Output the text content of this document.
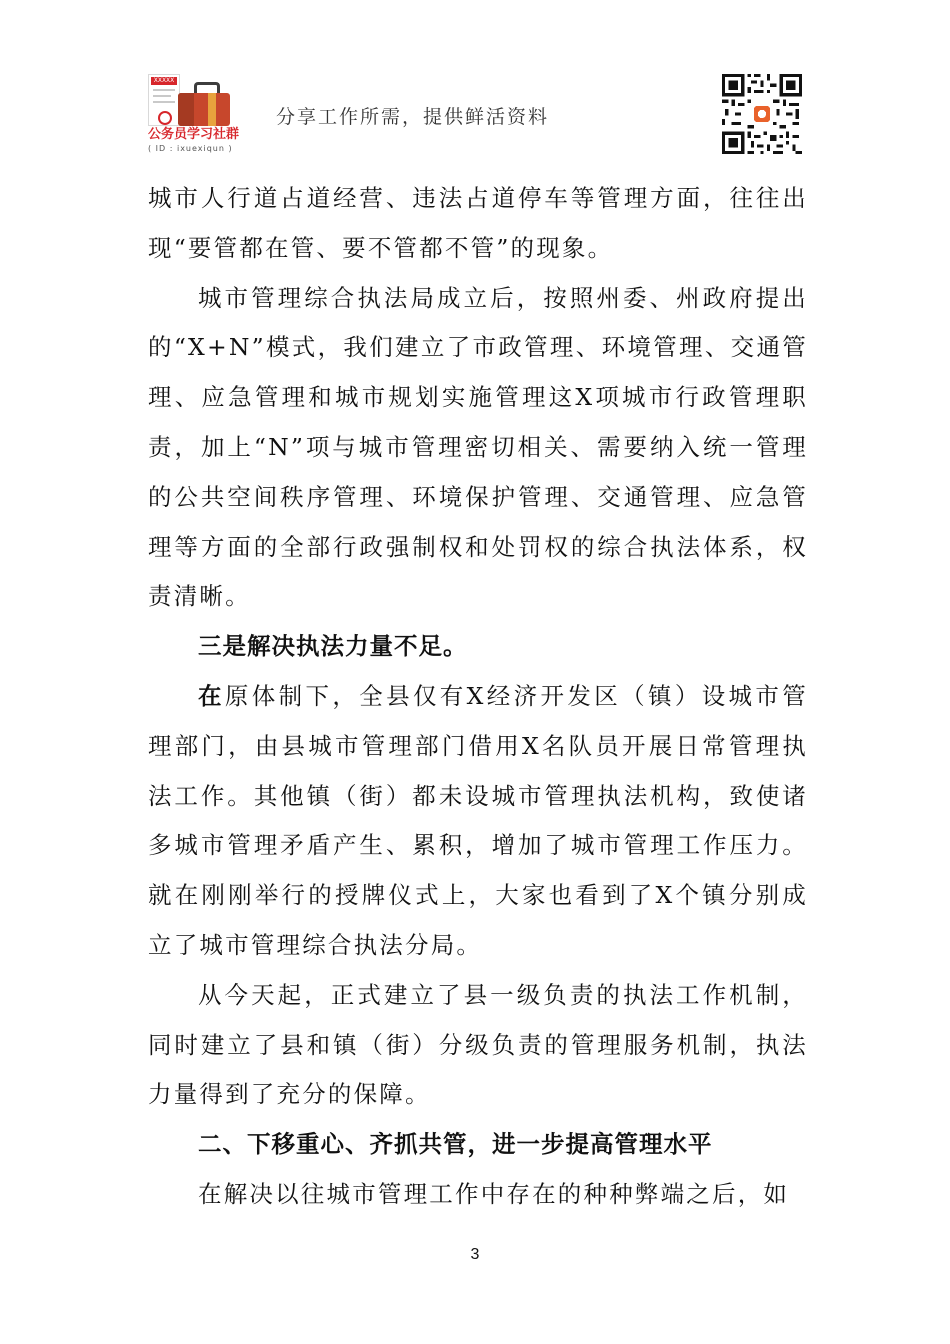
XXXXX
公务员学习社群
( ID : ixuexiqun )
分享工作所需，提供鲜活资料

城市人行道占道经营、违法占道停车等管理方面，往往出现“要管都在管、要不管都不管”的现象。

城市管理综合执法局成立后，按照州委、州政府提出的“X+N”模式，我们建立了市政管理、环境管理、交通管理、应急管理和城市规划实施管理这X项城市行政管理职责，加上“N”项与城市管理密切相关、需要纳入统一管理的公共空间秩序管理、环境保护管理、交通管理、应急管理等方面的全部行政强制权和处罚权的综合执法体系，权责清晰。

三是解决执法力量不足。

在原体制下，全县仅有X经济开发区（镇）设城市管理部门，由县城市管理部门借用X名队员开展日常管理执法工作。其他镇（街）都未设城市管理执法机构，致使诸多城市管理矛盾产生、累积，增加了城市管理工作压力。就在刚刚举行的授牌仪式上，大家也看到了X个镇分别成立了城市管理综合执法分局。

从今天起，正式建立了县一级负责的执法工作机制，同时建立了县和镇（街）分级负责的管理服务机制，执法力量得到了充分的保障。

二、下移重心、齐抓共管，进一步提高管理水平

在解决以往城市管理工作中存在的种种弊端之后，如

3
